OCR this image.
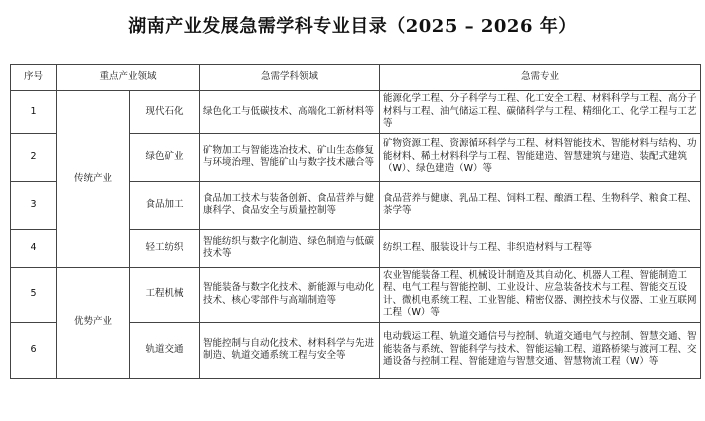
湖南产业发展急需学科专业目录（2025 – 2026 年）
序号	重点产业领域		急需学科领域	急需专业
1	传统产业	现代石化	绿色化工与低碳技术、高端化工新材料等	能源化学工程、分子科学与工程、化工安全工程、材料科学与工程、高分子材料与工程、油气储运工程、碳储科学与工程、精细化工、化学工程与工艺等
2		绿色矿业	矿物加工与智能选冶技术、矿山生态修复与环境治理、智能矿山与数字技术融合等	矿物资源工程、资源循环科学与工程、材料智能技术、智能材料与结构、功能材料、稀土材料科学与工程、智能建造、智慧建筑与建造、装配式建筑（W）、绿色建造（W）等
3		食品加工	食品加工技术与装备创新、食品营养与健康科学、食品安全与质量控制等	食品营养与健康、乳品工程、饲料工程、酿酒工程、生物科学、粮食工程、茶学等
4		轻工纺织	智能纺织与数字化制造、绿色制造与低碳技术等	纺织工程、服装设计与工程、非织造材料与工程等
5	优势产业	工程机械	智能装备与数字化技术、新能源与电动化技术、核心零部件与高端制造等	农业智能装备工程、机械设计制造及其自动化、机器人工程、智能制造工程、电气工程与智能控制、工业设计、应急装备技术与工程、智能交互设计、微机电系统工程、工业智能、精密仪器、测控技术与仪器、工业互联网工程（W）等
6		轨道交通	智能控制与自动化技术、材料科学与先进制造、轨道交通系统工程与安全等	电动载运工程、轨道交通信号与控制、轨道交通电气与控制、智慧交通、智能装备与系统、智能科学与技术、智能运输工程、道路桥梁与渡河工程、交通设备与控制工程、智能建造与智慧交通、智慧物流工程（W）等
